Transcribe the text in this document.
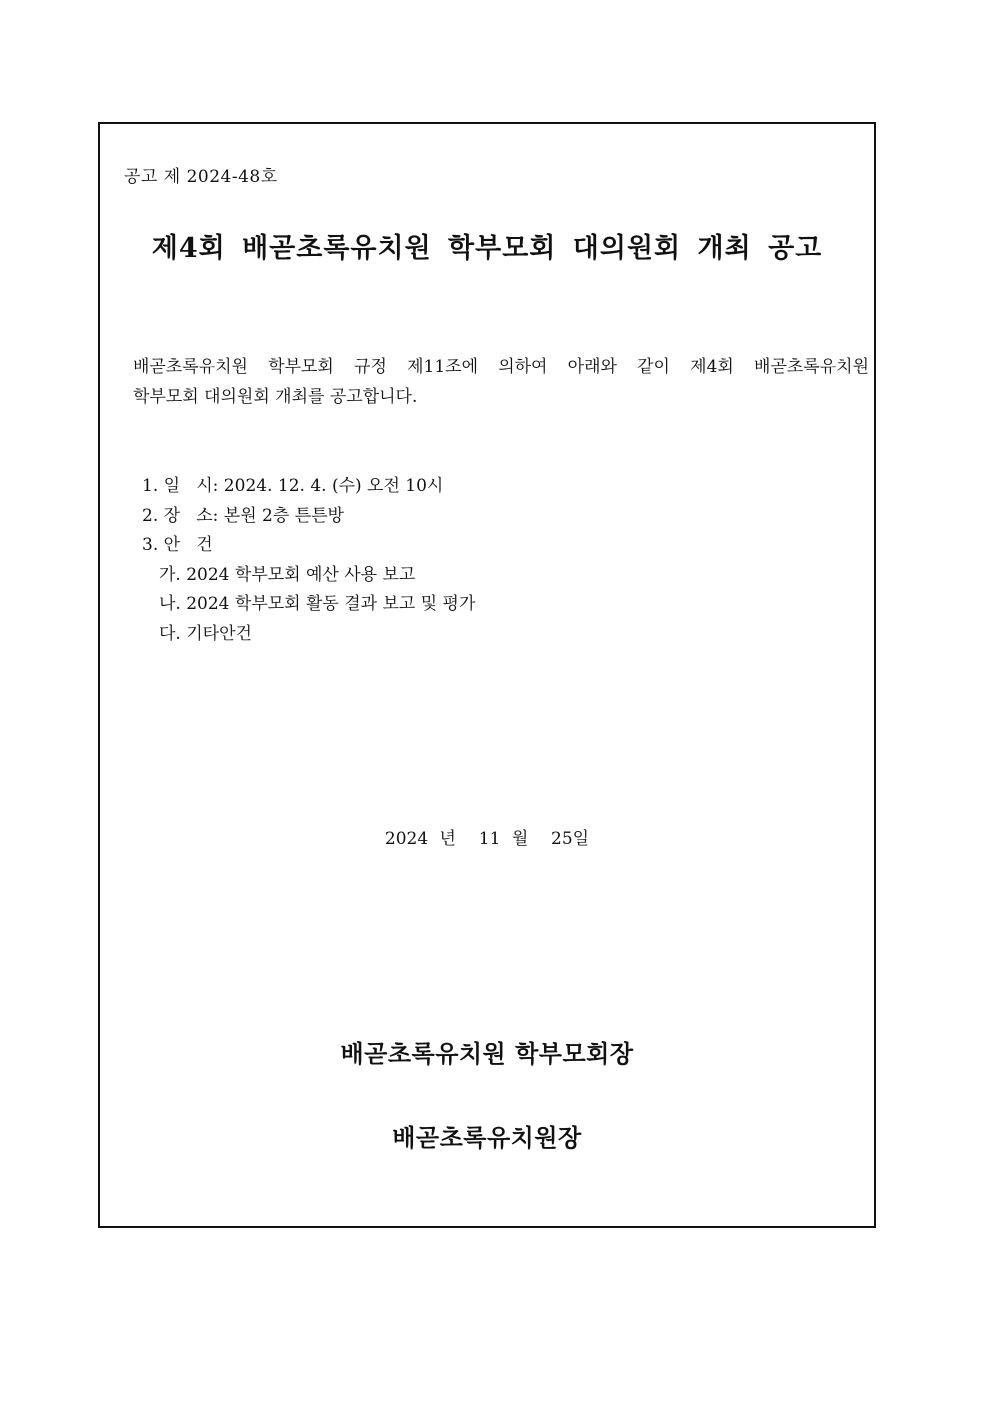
공고 제 2024-48호
제4회 배곧초록유치원 학부모회 대의원회 개최 공고
배곧초록유치원 학부모회 규정 제11조에 의하여 아래와 같이 제4회 배곧초록유치원
학부모회 대의원회 개최를 공고합니다.
1. 일   시: 2024. 12. 4. (수) 오전 10시
2. 장   소: 본원 2층 튼튼방
3. 안   건
가. 2024 학부모회 예산 사용 보고
나. 2024 학부모회 활동 결과 보고 및 평가
다. 기타안건
2024 년  11 월  25일
배곧초록유치원 학부모회장
배곧초록유치원장
